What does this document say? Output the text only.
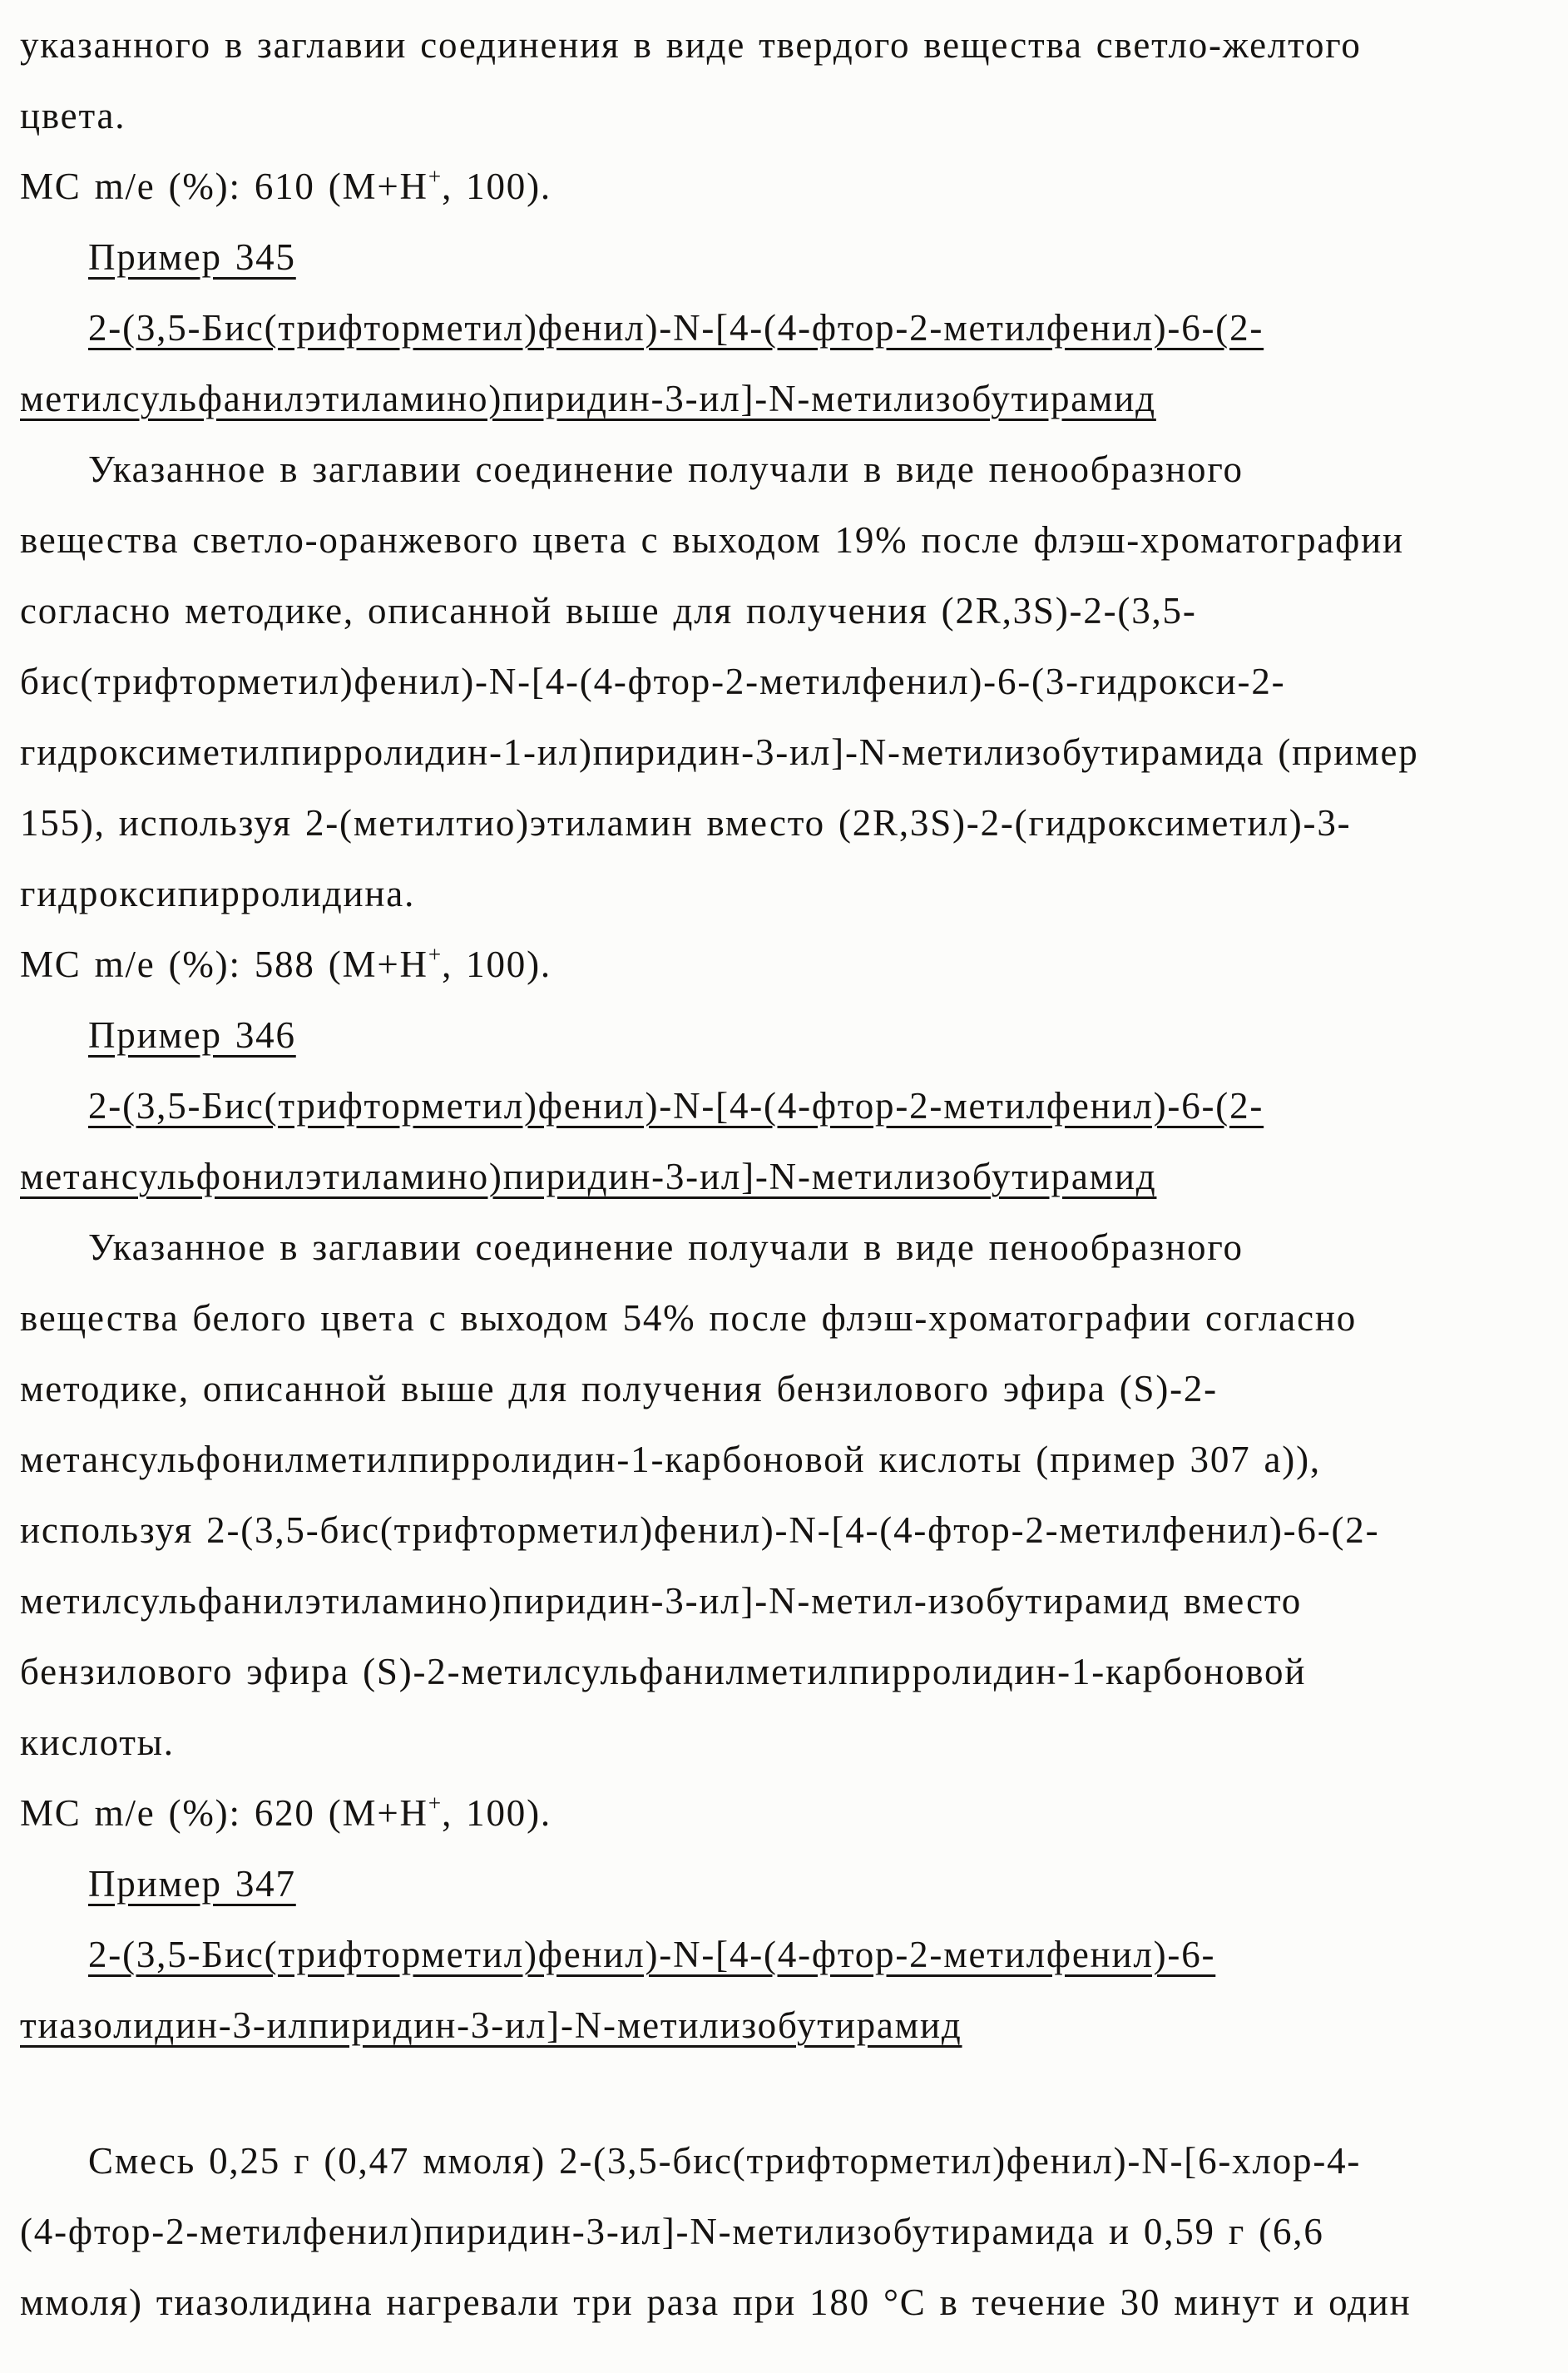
указанного в заглавии соединения в виде твердого вещества светло-желтого
цвета.
МС m/e (%): 610 (М+Н+, 100).
Пример 345
2-(3,5-Бис(трифторметил)фенил)-N-[4-(4-фтор-2-метилфенил)-6-(2-
метилсульфанилэтиламино)пиридин-3-ил]-N-метилизобутирамид
Указанное в заглавии соединение получали в виде пенообразного
вещества светло-оранжевого цвета с выходом 19% после флэш-хроматографии
согласно методике, описанной выше для получения (2R,3S)-2-(3,5-
бис(трифторметил)фенил)-N-[4-(4-фтор-2-метилфенил)-6-(3-гидрокси-2-
гидроксиметилпирролидин-1-ил)пиридин-3-ил]-N-метилизобутирамида (пример
155), используя 2-(метилтио)этиламин вместо (2R,3S)-2-(гидроксиметил)-3-
гидроксипирролидина.
МС m/e (%): 588 (М+Н+, 100).
Пример 346
2-(3,5-Бис(трифторметил)фенил)-N-[4-(4-фтор-2-метилфенил)-6-(2-
метансульфонилэтиламино)пиридин-3-ил]-N-метилизобутирамид
Указанное в заглавии соединение получали в виде пенообразного
вещества белого цвета с выходом 54% после флэш-хроматографии согласно
методике, описанной выше для получения бензилового эфира (S)-2-
метансульфонилметилпирролидин-1-карбоновой кислоты (пример 307 а)),
используя 2-(3,5-бис(трифторметил)фенил)-N-[4-(4-фтор-2-метилфенил)-6-(2-
метилсульфанилэтиламино)пиридин-3-ил]-N-метил-изобутирамид вместо
бензилового эфира (S)-2-метилсульфанилметилпирролидин-1-карбоновой
кислоты.
МС m/e (%): 620 (М+Н+, 100).
Пример 347
2-(3,5-Бис(трифторметил)фенил)-N-[4-(4-фтор-2-метилфенил)-6-
тиазолидин-3-илпиридин-3-ил]-N-метилизобутирамид
Смесь 0,25 г (0,47 ммоля) 2-(3,5-бис(трифторметил)фенил)-N-[6-хлор-4-
(4-фтор-2-метилфенил)пиридин-3-ил]-N-метилизобутирамида и 0,59 г (6,6
ммоля) тиазолидина нагревали три раза при 180 °С в течение 30 минут и один
